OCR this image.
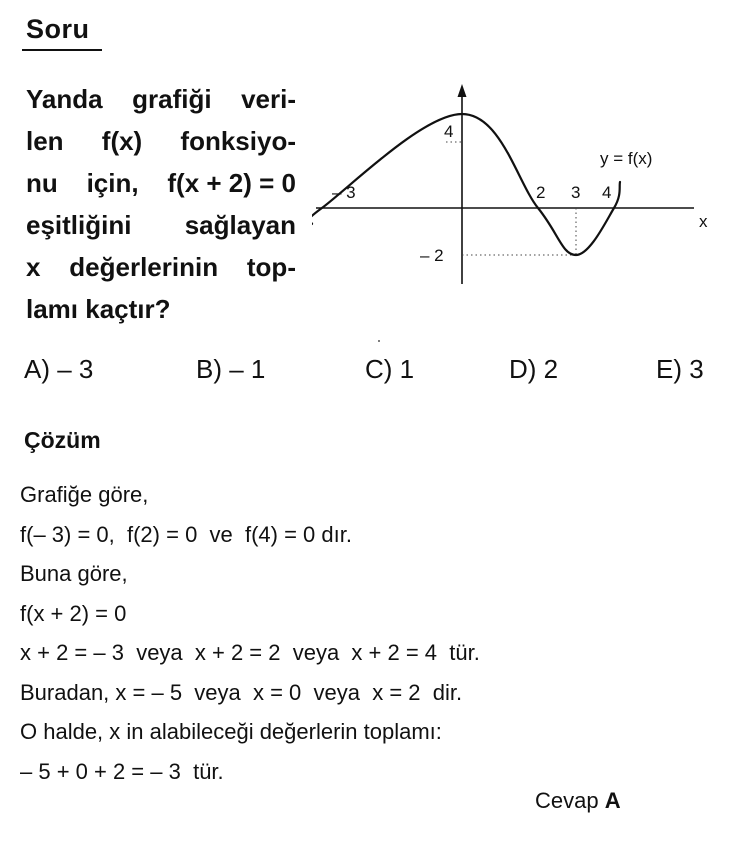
Soru
Yanda grafiği veri-
len f(x) fonksiyo-
nu için, f(x + 2) = 0
eşitliğini sağlayan
x değerlerinin top-
lamı kaçtır?
– 3
4
2 3 4
– 2
y = f(x)
x
A) – 3	B) – 1	C) 1	D) 2	E) 3
Çözüm
Grafiğe göre,
f(– 3) = 0,  f(2) = 0  ve  f(4) = 0 dır.
Buna göre,
f(x + 2) = 0
x + 2 = – 3  veya  x + 2 = 2  veya  x + 2 = 4  tür.
Buradan, x = – 5  veya  x = 0  veya  x = 2  dir.
O halde, x in alabileceği değerlerin toplamı:
– 5 + 0 + 2 = – 3  tür.
Cevap A
